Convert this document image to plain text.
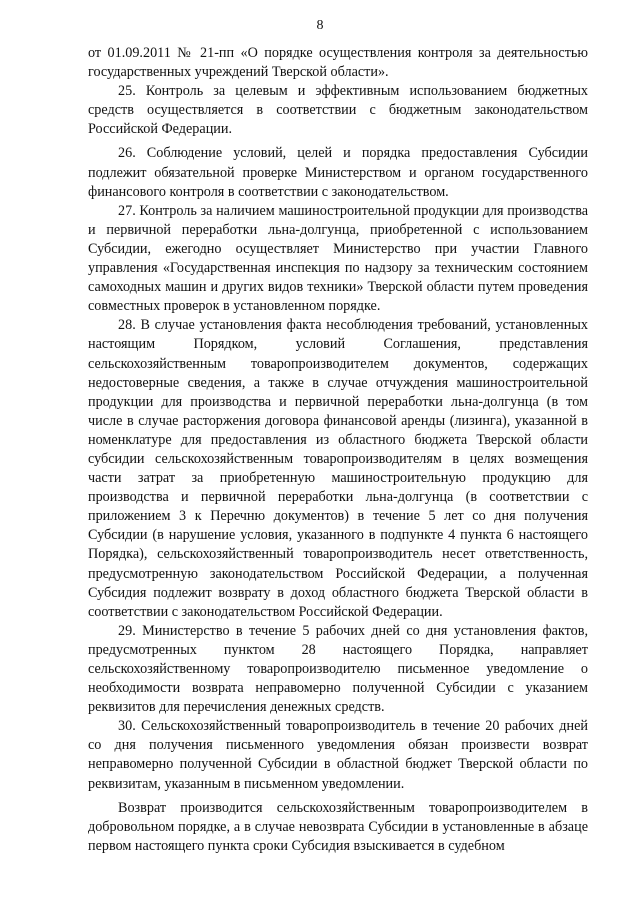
8

от 01.09.2011 № 21-пп «О порядке осуществления контроля за деятельностью государственных учреждений Тверской области».

25. Контроль за целевым и эффективным использованием бюджетных средств осуществляется в соответствии с бюджетным законодательством Российской Федерации.

26. Соблюдение условий, целей и порядка предоставления Субсидии подлежит обязательной проверке Министерством и органом государственного финансового контроля в соответствии с законодательством.

27. Контроль за наличием машиностроительной продукции для производства и первичной переработки льна-долгунца, приобретенной с использованием Субсидии, ежегодно осуществляет Министерство при участии Главного управления «Государственная инспекция по надзору за техническим состоянием самоходных машин и других видов техники» Тверской области путем проведения совместных проверок в установленном порядке.

28. В случае установления факта несоблюдения требований, установленных настоящим Порядком, условий Соглашения, представления сельскохозяйственным товаропроизводителем документов, содержащих недостоверные сведения, а также в случае отчуждения машиностроительной продукции для производства и первичной переработки льна-долгунца (в том числе в случае расторжения договора финансовой аренды (лизинга), указанной в номенклатуре для предоставления из областного бюджета Тверской области субсидии сельскохозяйственным товаропроизводителям в целях возмещения части затрат за приобретенную машиностроительную продукцию для производства и первичной переработки льна-долгунца (в соответствии с приложением 3 к Перечню документов) в течение 5 лет со дня получения Субсидии (в нарушение условия, указанного в подпункте 4 пункта 6 настоящего Порядка), сельскохозяйственный товаропроизводитель несет ответственность, предусмотренную законодательством Российской Федерации, а полученная Субсидия подлежит возврату в доход областного бюджета Тверской области в соответствии с законодательством Российской Федерации.

29. Министерство в течение 5 рабочих дней со дня установления фактов, предусмотренных пунктом 28 настоящего Порядка, направляет сельскохозяйственному товаропроизводителю письменное уведомление о необходимости возврата неправомерно полученной Субсидии с указанием реквизитов для перечисления денежных средств.

30. Сельскохозяйственный товаропроизводитель в течение 20 рабочих дней со дня получения письменного уведомления обязан произвести возврат неправомерно полученной Субсидии в областной бюджет Тверской области по реквизитам, указанным в письменном уведомлении.

Возврат производится сельскохозяйственным товаропроизводителем в добровольном порядке, а в случае невозврата Субсидии в установленные в абзаце первом настоящего пункта сроки Субсидия взыскивается в судебном
